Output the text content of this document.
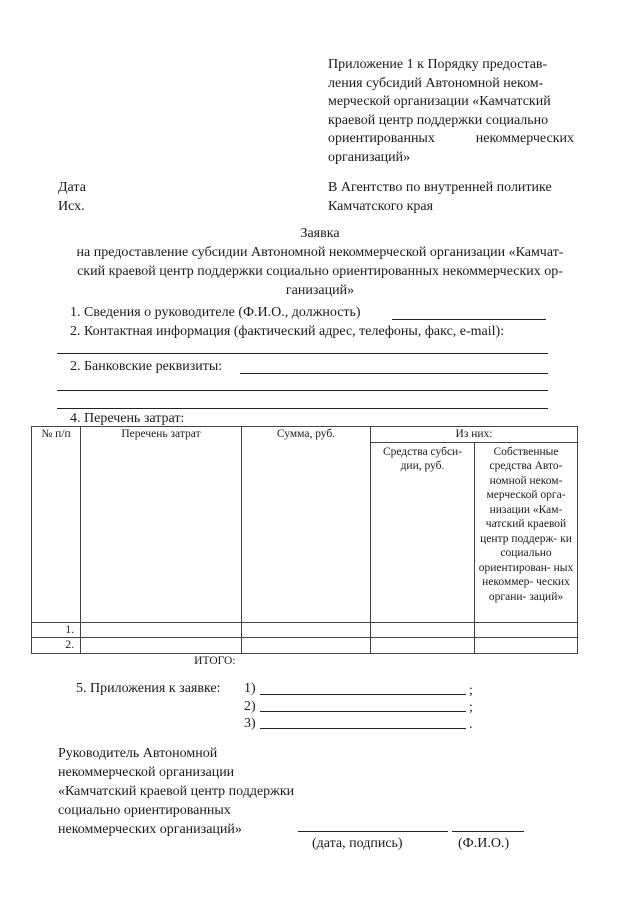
Приложение 1 к Порядку предостав-
ления субсидий Автономной неком-
мерческой организации «Камчатский
краевой центр поддержки социально
ориентированных некоммерческих
организаций»
Дата
Исх.
В Агентство по внутренней политике
Камчатского края
Заявка
на предоставление субсидии Автономной некоммерческой организации «Камчат-
ский краевой центр поддержки социально ориентированных некоммерческих ор-
ганизаций»
1. Сведения о руководителе (Ф.И.О., должность)
2. Контактная информация (фактический адрес, телефоны, факс, e-mail):
2. Банковские реквизиты:
4. Перечень затрат:
№ п/п	Перечень затрат	Сумма, руб.	Из них:	
			Средства субси- дии, руб.	Собственные средства Авто- номной неком- мерческой орга- низации «Кам- чатский краевой центр поддерж- ки социально ориентирован- ных некоммер- ческих органи- заций»
1.				
2.				
ИТОГО:				
5. Приложения к заявке: 1)	;
2)	;
3)	.
Руководитель Автономной
некоммерческой организации
«Камчатский краевой центр поддержки
социально ориентированных
некоммерческих организаций»
(дата, подпись)	(Ф.И.О.)
